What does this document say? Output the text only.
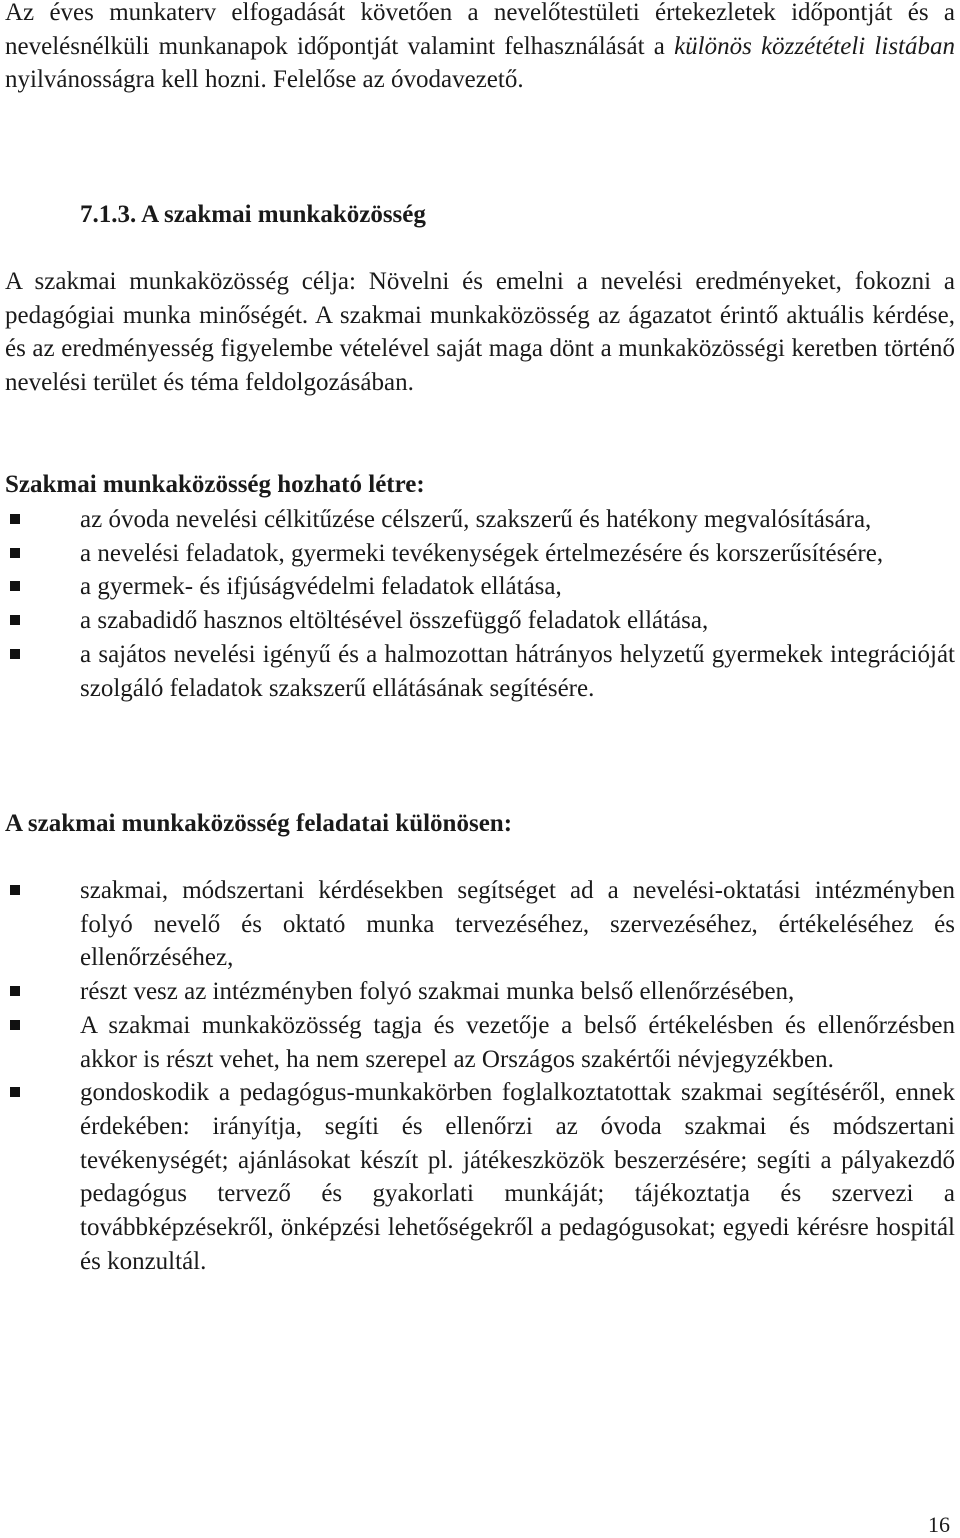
Az éves munkaterv elfogadását követően a nevelőtestületi értekezletek időpontját és a nevelésnélküli munkanapok időpontját valamint felhasználását a különös közzétételi listában nyilvánosságra kell hozni. Felelőse az óvodavezető.

7.1.3. A szakmai munkaközösség

A szakmai munkaközösség célja: Növelni és emelni a nevelési eredményeket, fokozni a pedagógiai munka minőségét. A szakmai munkaközösség az ágazatot érintő aktuális kérdése, és az eredményesség figyelembe vételével saját maga dönt a munkaközösségi keretben történő nevelési terület és téma feldolgozásában.

Szakmai munkaközösség hozható létre:
az óvoda nevelési célkitűzése célszerű, szakszerű és hatékony megvalósítására,
a nevelési feladatok, gyermeki tevékenységek értelmezésére és korszerűsítésére,
a gyermek- és ifjúságvédelmi feladatok ellátása,
a szabadidő hasznos eltöltésével összefüggő feladatok ellátása,
a sajátos nevelési igényű és a halmozottan hátrányos helyzetű gyermekek integrációját szolgáló feladatok szakszerű ellátásának segítésére.
A szakmai munkaközösség feladatai különösen:
szakmai, módszertani kérdésekben segítséget ad a nevelési-oktatási intézményben folyó nevelő és oktató munka tervezéséhez, szervezéséhez, értékeléséhez és ellenőrzéséhez,
részt vesz az intézményben folyó szakmai munka belső ellenőrzésében,
A szakmai munkaközösség tagja és vezetője a belső értékelésben és ellenőrzésben akkor is részt vehet, ha nem szerepel az Országos szakértői névjegyzékben.
gondoskodik a pedagógus-munkakörben foglalkoztatottak szakmai segítéséről, ennek érdekében: irányítja, segíti és ellenőrzi az óvoda szakmai és módszertani tevékenységét; ajánlásokat készít pl. játékeszközök beszerzésére; segíti a pályakezdő pedagógus tervező és gyakorlati munkáját; tájékoztatja és szervezi a továbbképzésekről, önképzési lehetőségekről a pedagógusokat; egyedi kérésre hospitál és konzultál.
16
